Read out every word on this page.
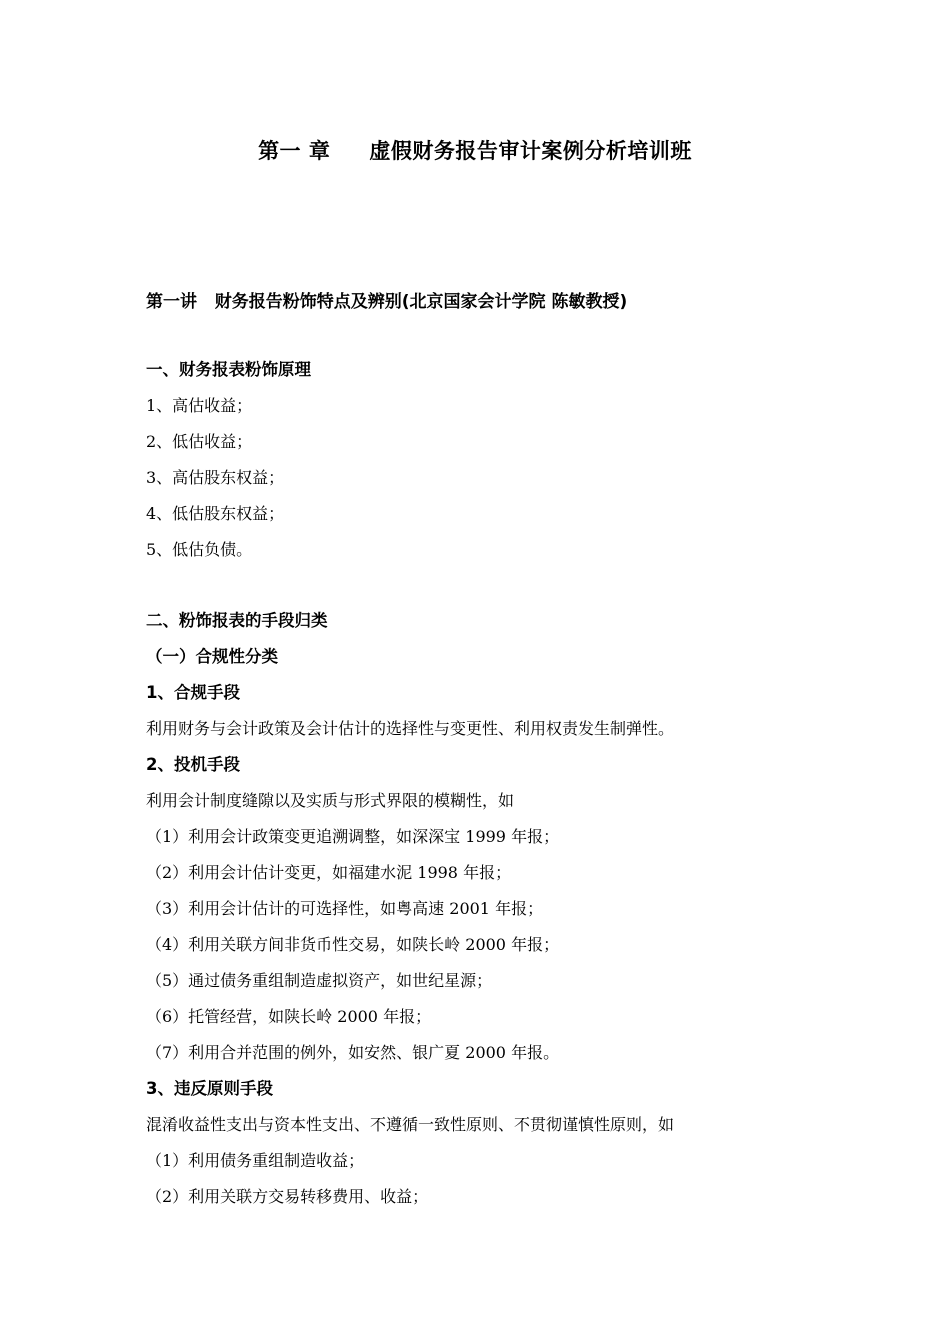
第一 章     虚假财务报告审计案例分析培训班
第一讲   财务报告粉饰特点及辨别(北京国家会计学院 陈敏教授)
一、财务报表粉饰原理
1、高估收益；
2、低估收益；
3、高估股东权益；
4、低估股东权益；
5、低估负债。
二、粉饰报表的手段归类
（一）合规性分类
1、合规手段
利用财务与会计政策及会计估计的选择性与变更性、利用权责发生制弹性。
2、投机手段
利用会计制度缝隙以及实质与形式界限的模糊性，如
（1）利用会计政策变更追溯调整，如深深宝 1999 年报；
（2）利用会计估计变更，如福建水泥 1998 年报；
（3）利用会计估计的可选择性，如粤高速 2001 年报；
（4）利用关联方间非货币性交易，如陕长岭 2000 年报；
（5）通过债务重组制造虚拟资产，如世纪星源；
（6）托管经营，如陕长岭 2000 年报；
（7）利用合并范围的例外，如安然、银广夏 2000 年报。
3、违反原则手段
混淆收益性支出与资本性支出、不遵循一致性原则、不贯彻谨慎性原则，如
（1）利用债务重组制造收益；
（2）利用关联方交易转移费用、收益；
